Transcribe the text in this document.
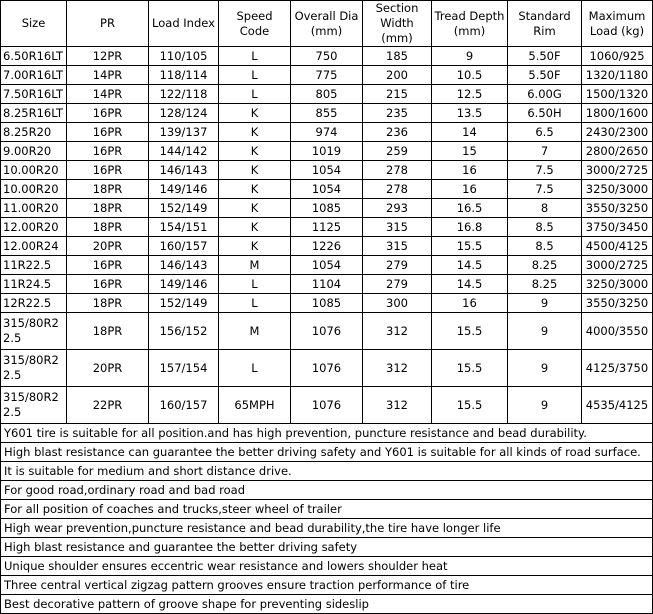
Size	PR	Load Index	Speed Code	Overall Dia (mm)	Section Width (mm)	Tread Depth (mm)	Standard Rim	Maximum Load (kg)
6.50R16LT	12PR	110/105	L	750	185	9	5.50F	1060/925
7.00R16LT	14PR	118/114	L	775	200	10.5	5.50F	1320/1180
7.50R16LT	14PR	122/118	L	805	215	12.5	6.00G	1500/1320
8.25R16LT	16PR	128/124	K	855	235	13.5	6.50H	1800/1600
8.25R20	16PR	139/137	K	974	236	14	6.5	2430/2300
9.00R20	16PR	144/142	K	1019	259	15	7	2800/2650
10.00R20	16PR	146/143	K	1054	278	16	7.5	3000/2725
10.00R20	18PR	149/146	K	1054	278	16	7.5	3250/3000
11.00R20	18PR	152/149	K	1085	293	16.5	8	3550/3250
12.00R20	18PR	154/151	K	1125	315	16.8	8.5	3750/3450
12.00R24	20PR	160/157	K	1226	315	15.5	8.5	4500/4125
11R22.5	16PR	146/143	M	1054	279	14.5	8.25	3000/2725
11R24.5	16PR	149/146	L	1104	279	14.5	8.25	3250/3000
12R22.5	18PR	152/149	L	1085	300	16	9	3550/3250
315/80R22.5	18PR	156/152	M	1076	312	15.5	9	4000/3550
315/80R22.5	20PR	157/154	L	1076	312	15.5	9	4125/3750
315/80R22.5	22PR	160/157	65MPH	1076	312	15.5	9	4535/4125
Y601 tire is suitable for all position.and has high prevention, puncture resistance and bead durability.								
High blast resistance can guarantee the better driving safety and Y601 is suitable for all kinds of road surface.								
It is suitable for medium and short distance drive.								
For good road,ordinary road and bad road								
For all position of coaches and trucks,steer wheel of trailer								
High wear prevention,puncture resistance and bead durability,the tire have longer life								
High blast resistance and guarantee the better driving safety								
Unique shoulder ensures eccentric wear resistance and lowers shoulder heat								
Three central vertical zigzag pattern grooves ensure traction performance of tire								
Best decorative pattern of groove shape for preventing sideslip								
